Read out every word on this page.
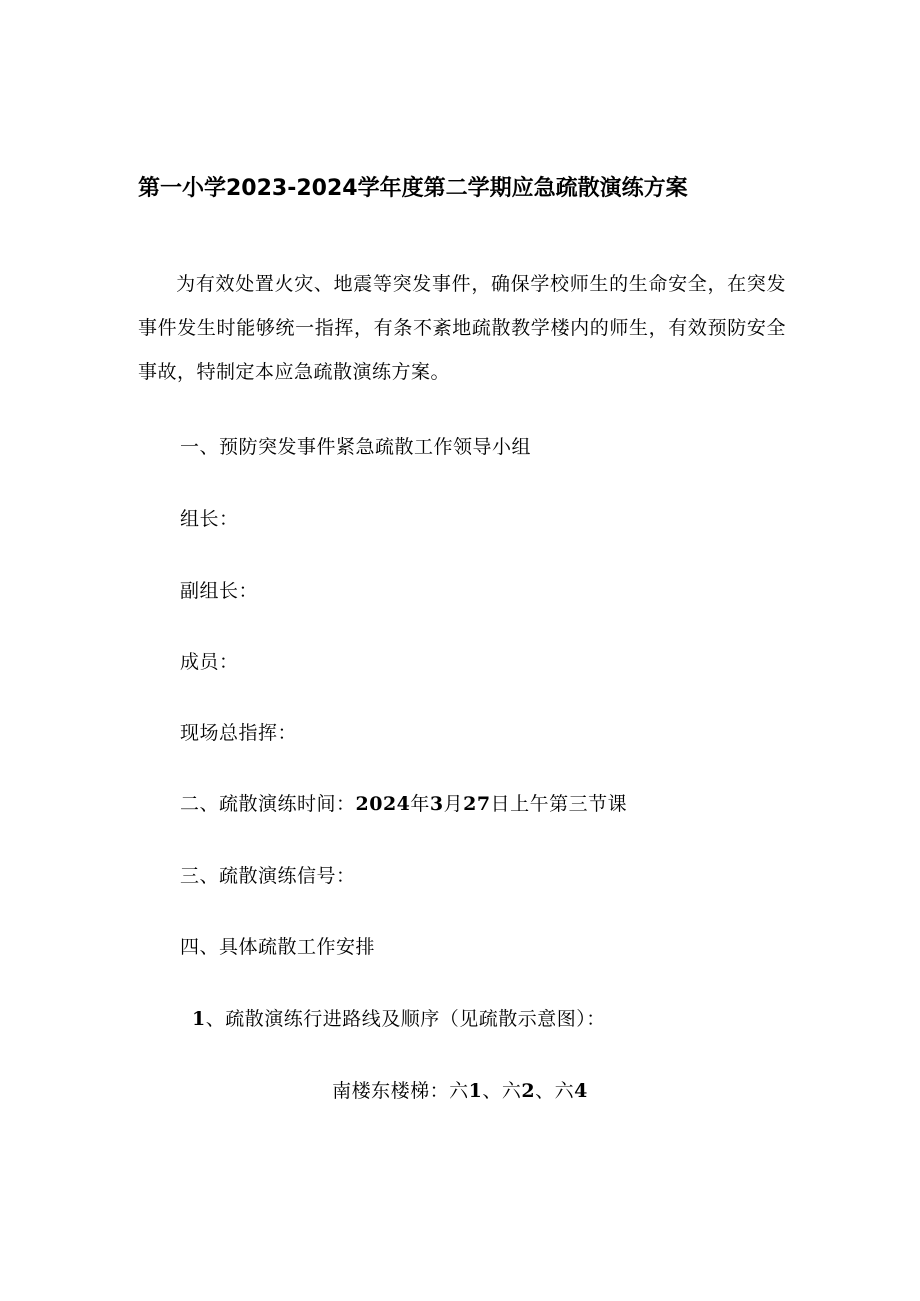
第一小学2023-2024学年度第二学期应急疏散演练方案
为有效处置火灾、地震等突发事件，确保学校师生的生命安全，在突发事件发生时能够统一指挥，有条不紊地疏散教学楼内的师生，有效预防安全事故，特制定本应急疏散演练方案。
一、预防突发事件紧急疏散工作领导小组
组长：
副组长：
成员：
现场总指挥：
二、疏散演练时间：2024年3月27日上午第三节课
三、疏散演练信号：
四、具体疏散工作安排
1、疏散演练行进路线及顺序（见疏散示意图）：
南楼东楼梯：六1、六2、六4
